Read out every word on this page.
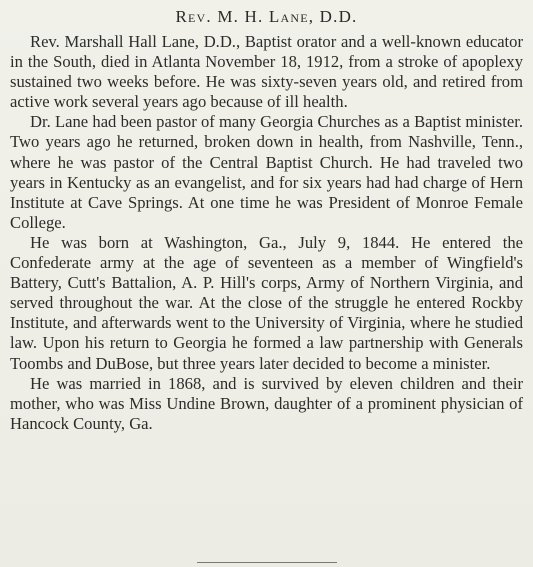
Rev. M. H. Lane, D.D.

Rev. Marshall Hall Lane, D.D., Baptist orator and a well-known educator in the South, died in Atlanta November 18, 1912, from a stroke of apoplexy sustained two weeks before. He was sixty-seven years old, and retired from active work several years ago because of ill health.

Dr. Lane had been pastor of many Georgia Churches as a Baptist minister. Two years ago he returned, broken down in health, from Nashville, Tenn., where he was pastor of the Central Baptist Church. He had traveled two years in Kentucky as an evangelist, and for six years had had charge of Hern Institute at Cave Springs. At one time he was President of Monroe Female College.

He was born at Washington, Ga., July 9, 1844. He entered the Confederate army at the age of seventeen as a member of Wingfield's Battery, Cutt's Battalion, A. P. Hill's corps, Army of Northern Virginia, and served throughout the war. At the close of the struggle he entered Rockby Institute, and afterwards went to the University of Virginia, where he studied law. Upon his return to Georgia he formed a law partnership with Generals Toombs and DuBose, but three years later decided to become a minister.

He was married in 1868, and is survived by eleven children and their mother, who was Miss Undine Brown, daughter of a prominent physician of Hancock County, Ga.
